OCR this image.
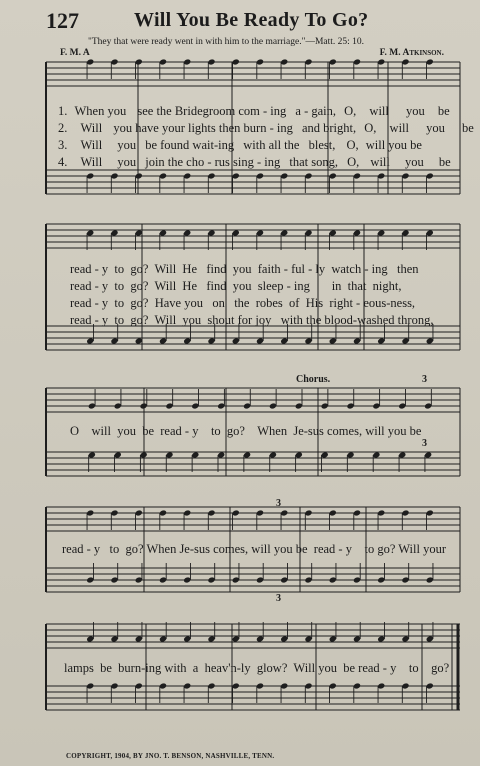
127	Will You Be Ready To Go?
"They that were ready went in with him to the marriage."—Matt. 25: 10.
F. M. A	F. M. Atkinson.
1. When you see the Bridegroom com - ing a - gain, O, will you be
2. Will you have your lights then burn - ing and bright, O, will you be
3. Will you be found wait-ing with all the blest, O, will you be
4. Will you join the cho - rus sing - ing that song, O, will you be
read - y  to  go?  Will  He   find  you  faith - ful - ly  watch - ing   then
read - y  to  go?  Will  He   find  you  sleep - ing       in  that  night,
read - y  to  go?  Have you   on   the  robes  of  His  right - eous-ness,
read - y  to  go?  Will  you  shout for joy   with the blood-washed throng,
Chorus.
O    will  you  be  read - y    to  go?    When  Je-sus comes, will you be
read - y   to  go? When Je-sus comes, will you be  read - y    to go? Will your
lamps  be  burn-ing with  a  heav'n-ly  glow?  Will you  be read - y    to    go?
3
3
3
3
COPYRIGHT, 1904, BY JNO. T. BENSON, NASHVILLE, TENN.
